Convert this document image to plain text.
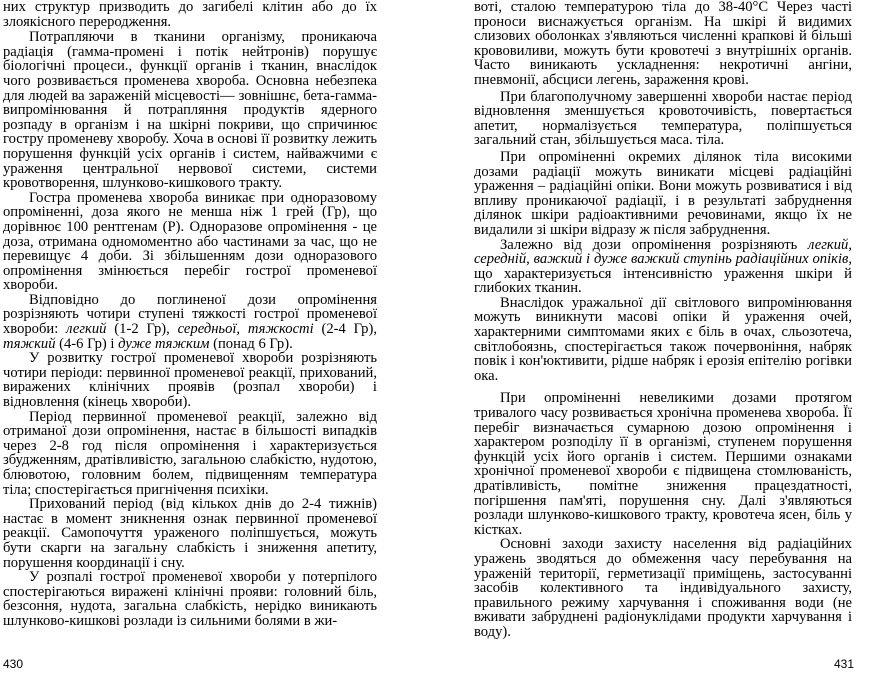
них структур призводить до загибелі клітин або до їх злоякісного переродження.

Потрапляючи в тканини організму, проникаюча радіація (гамма-промені і потік нейтронів) порушує біологічні процеси., функції органів і тканин, внаслідок чого розвивається променева хвороба. Основна небезпека для людей ва зараженій місцевості— зовнішнє, бета-гамма-випромінювання й потрапляння продуктів ядерного розпаду в організм і на шкірні покриви, що спричинює гостру променеву хворобу. Хоча в основі її розвитку лежить порушення функцій усіх органів і систем, найважчими є ураження центральної нервової системи, системи кровотворення, шлунково-кишкового тракту.

Гостра променева хвороба виникає при одноразовому опроміненні, доза якого не менша ніж 1 грей (Гр), що дорівнює 100 рентгенам (Р). Одноразове опромінення - це доза, отримана одномоментно або частинами за час, що не перевищує 4 доби. Зі збільшенням дози одноразового опромінення змінюється перебіг гострої променевої хвороби.

Відповідно до поглиненої дози опромінення розрізняють чотири ступені тяжкості гострої променевої хвороби: легкий (1-2 Гр), середньої, тяжкості (2-4 Гр), тяжкий (4-6 Гр) і дуже тяжким (понад 6 Гр).

У розвитку гострої променевої хвороби розрізняють чотири періоди: первинної променевої реакції, прихований, виражених клінічних проявів (розпал хвороби) і відновлення (кінець хвороби).

Період первинної променевої реакції, залежно від отриманої дози опромінення, настає в більшості випадків через 2-8 год після опромінення і характеризується збудженням, дратівливістю, загальною слабкістю, нудотою, блювотою, головним болем, підвищенням температура тіла; спостерігається пригнічення психіки.

Прихований період (від кількох днів до 2-4 тижнів) настає в момент зникнення ознак первинної променевої реакції. Самопочуття ураженого поліпшується, можуть бути скарги на загальну слабкість і зниження апетиту, порушення координації і сну.

У розпалі гострої променевої хвороби у потерпілого спостерігаються виражені клінічні прояви: головний біль, безсоння, нудота, загальна слабкість, нерідко виникають шлунково-кишкові розлади із сильними болями в жи-

воті, сталою температурою тіла до 38-40°С Через часті проноси виснажується організм. На шкірі й видимих слизових оболонках з'являються численні крапкові й більші крововиливи, можуть бути кровотечі з внутрішніх органів. Часто виникають ускладнення: некротичні ангіни, пневмонії, абсциси легень, зараження крові.

При благополучному завершенні хвороби настає період відновлення зменшується кровоточивість, повертається апетит, нормалізується температура, поліпшується загальний стан, збільшується маса. тіла.

При опроміненні окремих ділянок тіла високими дозами радіації можуть виникати місцеві радіаційні ураження – радіаційні опіки. Вони можуть розвиватися і від впливу проникаючої радіації, і в результаті забруднення ділянок шкіри радіоактивними речовинами, якщо їх не видалили зі шкіри відразу ж після забруднення.

Залежно від дози опромінення розрізняють легкий, середній, важкий і дуже важкий ступінь радіаційних опіків, що характеризується інтенсивністю ураження шкіри й глибоких тканин.

Внаслідок уражальної дії світлового випромінювання можуть виникнути масові опіки й ураження очей, характерними симптомами яких є біль в очах, сльозотеча, світлобоязнь, спостерігається також почервоніння, набряк повік і кон'юктивити, рідше набряк і ерозія епітелію рогівки ока.

При опроміненні невеликими дозами протягом тривалого часу розвивається хронічна променева хвороба. Її перебіг визначається сумарною дозою опромінення і характером розподілу її в організмі, ступенем порушення функцій усіх його органів і систем. Першими ознаками хронічної променевої хвороби є підвищена стомлюваність, дратівливість, помітне зниження працездатності, погіршення пам'яті, порушення сну. Далі з'являються розлади шлунково-кишкового тракту, кровотеча ясен, біль у кістках.

Основні заходи захисту населення від радіаційних уражень зводяться до обмеження часу перебування на уражeній території, герметизації приміщень, застосуванні засобів колективного та індивідуального захисту, правильного режиму харчування і споживання води (не вживати забруднені радіонуклідами продукти харчування і воду).

430	431
